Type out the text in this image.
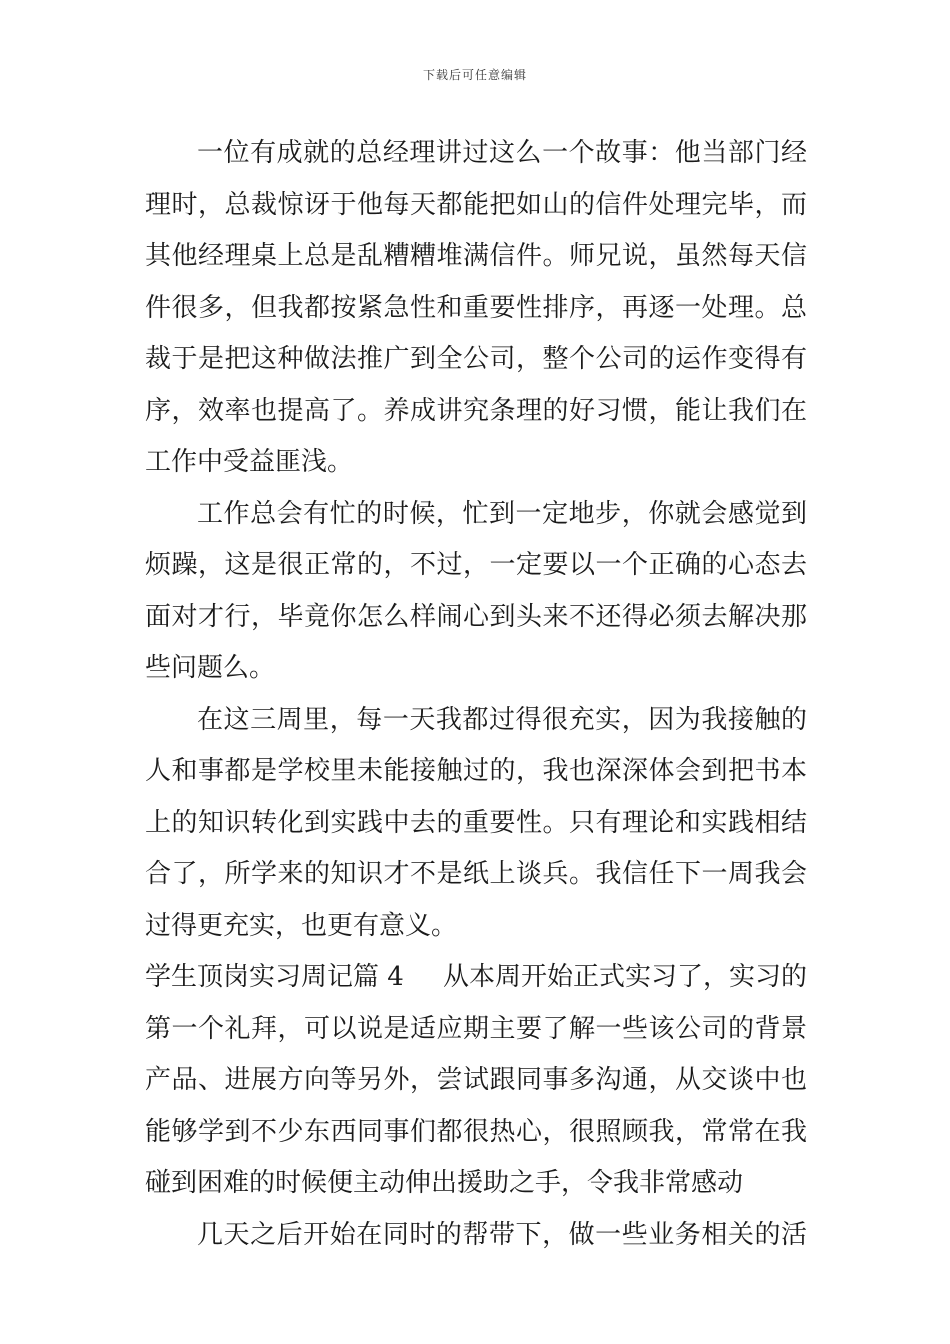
下载后可任意编辑
一位有成就的总经理讲过这么一个故事：他当部门经
理时，总裁惊讶于他每天都能把如山的信件处理完毕，而
其他经理桌上总是乱糟糟堆满信件。师兄说，虽然每天信
件很多，但我都按紧急性和重要性排序，再逐一处理。总
裁于是把这种做法推广到全公司，整个公司的运作变得有
序，效率也提高了。养成讲究条理的好习惯，能让我们在
工作中受益匪浅。
工作总会有忙的时候，忙到一定地步，你就会感觉到
烦躁，这是很正常的，不过，一定要以一个正确的心态去
面对才行，毕竟你怎么样闹心到头来不还得必须去解决那
些问题么。
在这三周里，每一天我都过得很充实，因为我接触的
人和事都是学校里未能接触过的，我也深深体会到把书本
上的知识转化到实践中去的重要性。只有理论和实践相结
合了，所学来的知识才不是纸上谈兵。我信任下一周我会
过得更充实，也更有意义。
学生顶岗实习周记篇 4 从本周开始正式实习了，实习的
第一个礼拜，可以说是适应期主要了解一些该公司的背景
产品、进展方向等另外，尝试跟同事多沟通，从交谈中也
能够学到不少东西同事们都很热心，很照顾我，常常在我
碰到困难的时候便主动伸出援助之手，令我非常感动
几天之后开始在同时的帮带下，做一些业务相关的活
